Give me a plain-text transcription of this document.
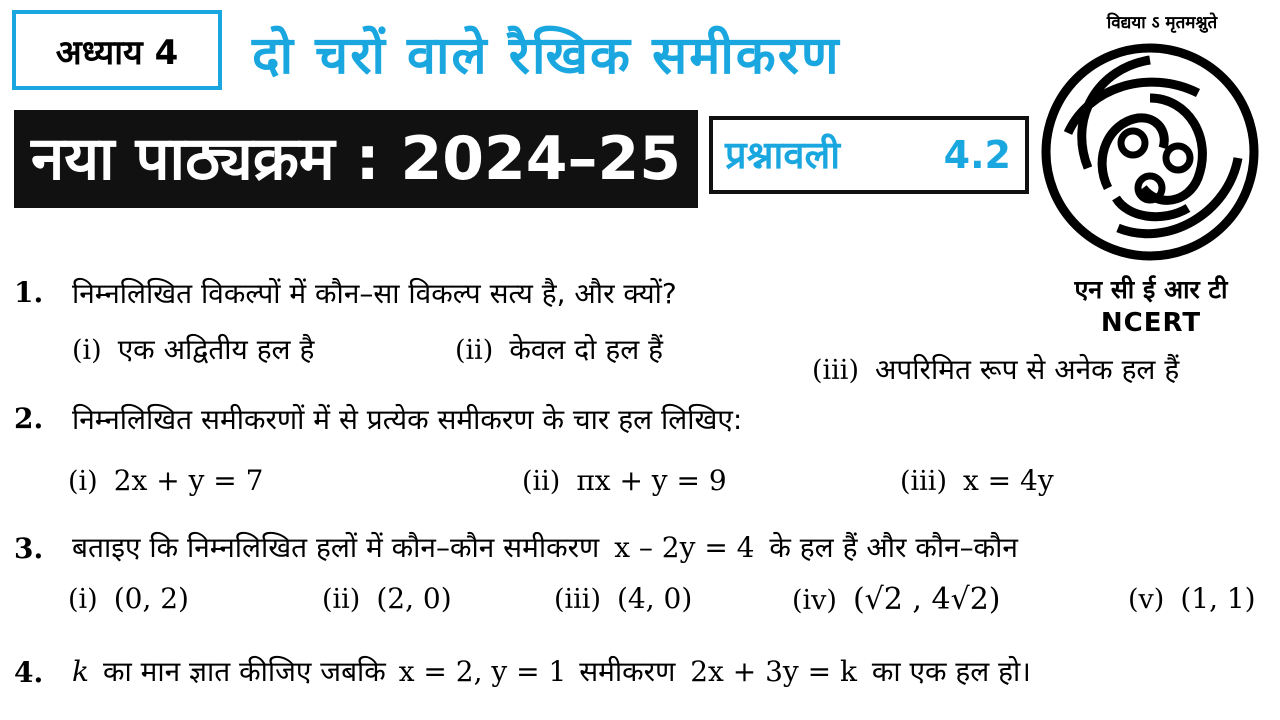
अध्याय 4	दो चरों वाले रैखिक समीकरण
नया पाठ्यक्रम : 2024–25	प्रश्नावली	4.2
विद्यया ऽ मृतमश्नुते
एन सी ई आर टी
NCERT
1. निम्नलिखित विकल्पों में कौन–सा विकल्प सत्य है, और क्यों?
(i) एक अद्वितीय हल है	(ii) केवल दो हल हैं
(iii) अपरिमित रूप से अनेक हल हैं
2. निम्नलिखित समीकरणों में से प्रत्येक समीकरण के चार हल लिखिए:
(i) 2x + y = 7	(ii) πx + y = 9	(iii) x = 4y
3. बताइए कि निम्नलिखित हलों में कौन–कौन समीकरण x – 2y = 4 के हल हैं और कौन–कौन
(i) (0, 2)	(ii) (2, 0)	(iii) (4, 0)	(iv) (√2 , 4√2)	(v) (1, 1)
4. k का मान ज्ञात कीजिए जबकि x = 2, y = 1 समीकरण 2x + 3y = k का एक हल हो।
